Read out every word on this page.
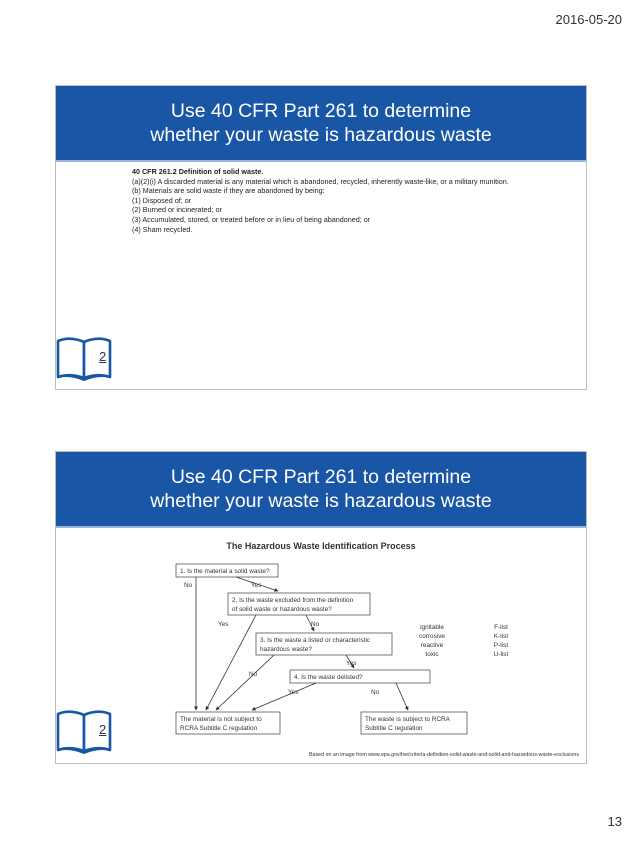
2016-05-20
Use 40 CFR Part 261 to determine
whether your waste is hazardous waste
40 CFR 261.2 Definition of solid waste.
(a)(2)(i) A discarded material is any material which is abandoned, recycled, inherently waste-like, or a military munition.
(b) Materials are solid waste if they are abandoned by being:
(1) Disposed of; or
(2) Burned or incinerated; or
(3) Accumulated, stored, or treated before or in lieu of being abandoned; or
(4) Sham recycled.
2
Use 40 CFR Part 261 to determine
whether your waste is hazardous waste
The Hazardous Waste Identification Process
1. Is the material a solid waste?
2. Is the waste excluded from the definition
of solid waste or hazardous waste?
3. Is the waste a listed or characteristic
hazardous waste?
4. Is the waste delisted?
The material is not subject to
RCRA Subtitle C regulation
The waste is subject to RCRA
Subtitle C regulation
ignitable
corrosive
reactive
toxic
F-list
K-list
P-list
U-list
No	Yes
Yes	No
Yes
No
Yes	No
Based on an image from www.epa.gov/hw/criteria-definition-solid-waste-and-solid-and-hazardous-waste-exclusions
2
13
